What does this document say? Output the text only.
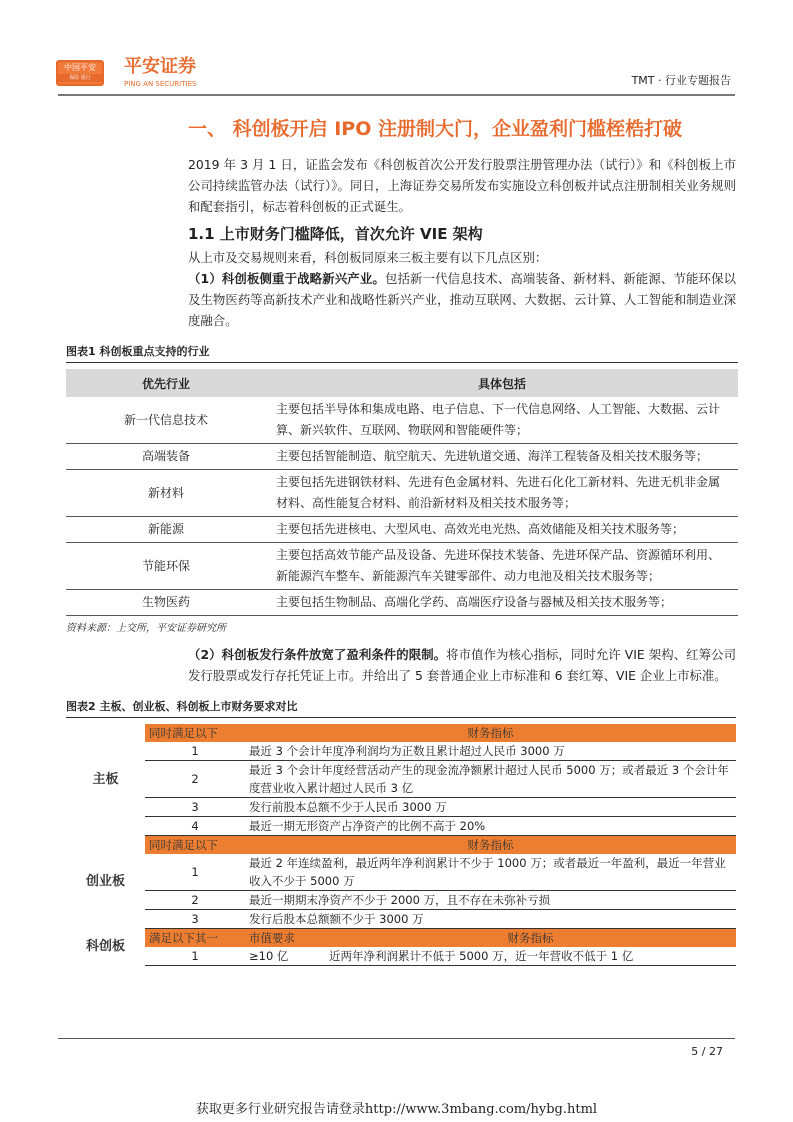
中国平安
保险 银行
平安证券
PING AN SECURITIES	TMT · 行业专题报告
一、 科创板开启 IPO 注册制大门，企业盈利门槛桎梏打破
2019 年 3 月 1 日，证监会发布《科创板首次公开发行股票注册管理办法（试行）》和《科创板上市公司持续监管办法（试行）》。同日，上海证券交易所发布实施设立科创板并试点注册制相关业务规则和配套指引，标志着科创板的正式诞生。
1.1 上市财务门槛降低，首次允许 VIE 架构
从上市及交易规则来看，科创板同原来三板主要有以下几点区别：
（1）科创板侧重于战略新兴产业。包括新一代信息技术、高端装备、新材料、新能源、节能环保以及生物医药等高新技术产业和战略性新兴产业，推动互联网、大数据、云计算、人工智能和制造业深度融合。
图表1 科创板重点支持的行业
优先行业	具体包括
新一代信息技术	主要包括半导体和集成电路、电子信息、下一代信息网络、人工智能、大数据、云计算、新兴软件、互联网、物联网和智能硬件等；
高端装备	主要包括智能制造、航空航天、先进轨道交通、海洋工程装备及相关技术服务等；
新材料	主要包括先进钢铁材料、先进有色金属材料、先进石化化工新材料、先进无机非金属材料、高性能复合材料、前沿新材料及相关技术服务等；
新能源	主要包括先进核电、大型风电、高效光电光热、高效储能及相关技术服务等；
节能环保	主要包括高效节能产品及设备、先进环保技术装备、先进环保产品、资源循环利用、新能源汽车整车、新能源汽车关键零部件、动力电池及相关技术服务等；
生物医药	主要包括生物制品、高端化学药、高端医疗设备与器械及相关技术服务等；
资料来源：上交所，平安证券研究所
（2）科创板发行条件放宽了盈利条件的限制。将市值作为核心指标，同时允许 VIE 架构、红筹公司发行股票或发行存托凭证上市。并给出了 5 套普通企业上市标准和 6 套红筹、VIE 企业上市标准。
图表2 主板、创业板、科创板上市财务要求对比
主板	同时满足以下	财务指标	
	1	最近 3 个会计年度净利润均为正数且累计超过人民币 3000 万	
	2	最近 3 个会计年度经营活动产生的现金流净额累计超过人民币 5000 万；或者最近 3 个会计年度营业收入累计超过人民币 3 亿	
	3	发行前股本总额不少于人民币 3000 万	
	4	最近一期无形资产占净资产的比例不高于 20%	
创业板	同时满足以下	财务指标	
	1	最近 2 年连续盈利，最近两年净利润累计不少于 1000 万；或者最近一年盈利，最近一年营业收入不少于 5000 万	
	2	最近一期期末净资产不少于 2000 万，且不存在未弥补亏损	
	3	发行后股本总额额不少于 3000 万	
科创板	满足以下其一	市值要求	财务指标
	1	≥10 亿	近两年净利润累计不低于 5000 万，近一年营收不低于 1 亿
5 / 27
获取更多行业研究报告请登录http://www.3mbang.com/hybg.html
